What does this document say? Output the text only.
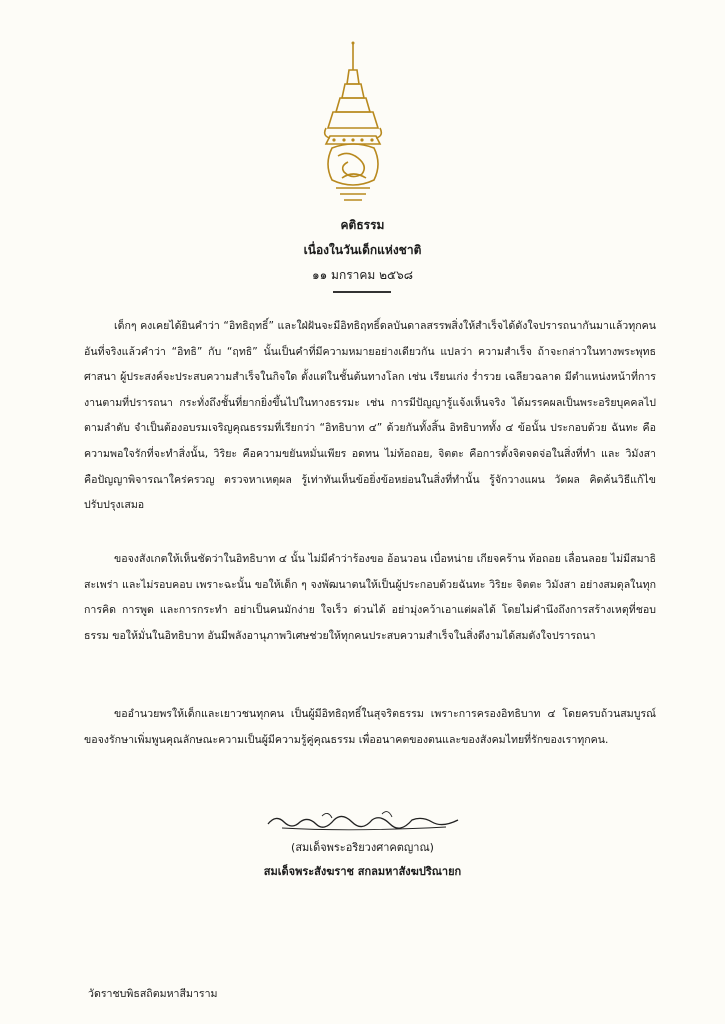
คติธรรม
เนื่องในวันเด็กแห่งชาติ
๑๑ มกราคม ๒๕๖๘
เด็กๆ คงเคยได้ยินคำว่า “อิทธิฤทธิ์” และใฝ่ฝันจะมีอิทธิฤทธิ์ดลบันดาลสรรพสิ่งให้สำเร็จได้ดังใจปรารถนากันมาแล้วทุกคน อันที่จริงแล้วคำว่า “อิทธิ” กับ “ฤทธิ” นั้นเป็นคำที่มีความหมายอย่างเดียวกัน แปลว่า ความสำเร็จ ถ้าจะกล่าวในทางพระพุทธศาสนา ผู้ประสงค์จะประสบความสำเร็จในกิจใด ตั้งแต่ในชั้นต้นทางโลก เช่น เรียนเก่ง ร่ำรวย เฉลียวฉลาด มีตำแหน่งหน้าที่การงานตามที่ปรารถนา กระทั่งถึงชั้นที่ยากยิ่งขึ้นไปในทางธรรมะ เช่น การมีปัญญารู้แจ้งเห็นจริง ได้มรรคผลเป็นพระอริยบุคคลไปตามลำดับ จำเป็นต้องอบรมเจริญคุณธรรมที่เรียกว่า “อิทธิบาท ๔” ด้วยกันทั้งสิ้น อิทธิบาททั้ง ๔ ข้อนั้น ประกอบด้วย ฉันทะ คือความพอใจรักที่จะทำสิ่งนั้น, วิริยะ คือความขยันหมั่นเพียร อดทน ไม่ท้อถอย, จิตตะ คือการตั้งจิตจดจ่อในสิ่งที่ทำ และ วิมังสา คือปัญญาพิจารณาใคร่ครวญ ตรวจหาเหตุผล รู้เท่าทันเห็นข้อยิ่งข้อหย่อนในสิ่งที่ทำนั้น รู้จักวางแผน วัดผล คิดค้นวิธีแก้ไขปรับปรุงเสมอ
ขอจงสังเกตให้เห็นชัดว่าในอิทธิบาท ๔ นั้น ไม่มีคำว่าร้องขอ อ้อนวอน เบื่อหน่าย เกียจคร้าน ท้อถอย เลื่อนลอย ไม่มีสมาธิ สะเพร่า และไม่รอบคอบ เพราะฉะนั้น ขอให้เด็ก ๆ จงพัฒนาตนให้เป็นผู้ประกอบด้วยฉันทะ วิริยะ จิตตะ วิมังสา อย่างสมดุลในทุกการคิด การพูด และการกระทำ อย่าเป็นคนมักง่าย ใจเร็ว ด่วนได้ อย่ามุ่งคว้าเอาแต่ผลได้ โดยไม่คำนึงถึงการสร้างเหตุที่ชอบธรรม ขอให้มั่นในอิทธิบาท อันมีพลังอานุภาพวิเศษช่วยให้ทุกคนประสบความสำเร็จในสิ่งดีงามได้สมดังใจปรารถนา
ขออำนวยพรให้เด็กและเยาวชนทุกคน เป็นผู้มีอิทธิฤทธิ์ในสุจริตธรรม เพราะการครองอิทธิบาท ๔ โดยครบถ้วนสมบูรณ์ ขอจงรักษาเพิ่มพูนคุณลักษณะความเป็นผู้มีความรู้คู่คุณธรรม เพื่ออนาคตของตนและของสังคมไทยที่รักของเราทุกคน.
(สมเด็จพระอริยวงศาคตญาณ)
สมเด็จพระสังฆราช สกลมหาสังฆปริณายก
วัดราชบพิธสถิตมหาสีมาราม
